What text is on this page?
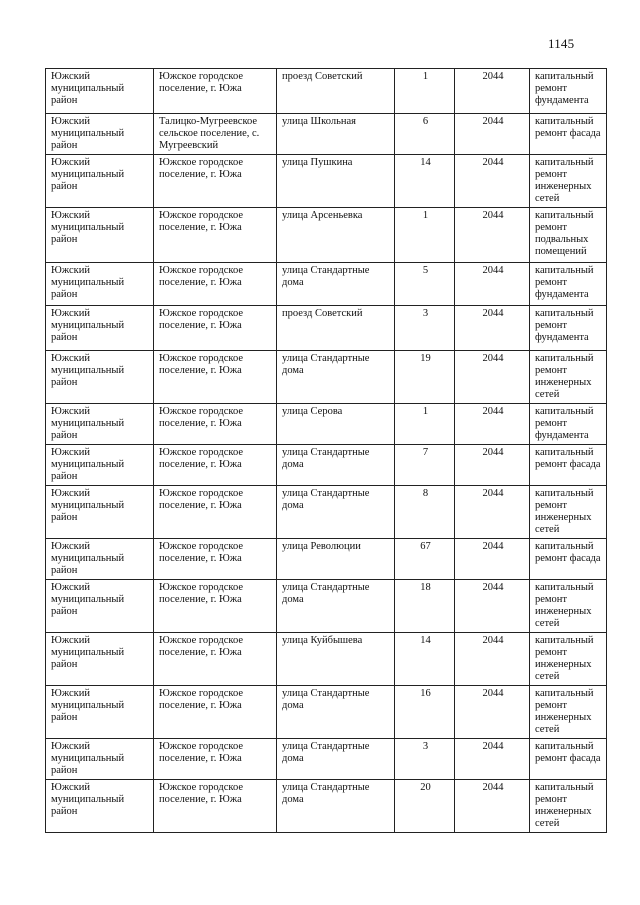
1145
Южский муниципальный район	Южское городское поселение, г. Южа	проезд Советский	1	2044	капитальный ремонт фундамента
Южский муниципальный район	Талицко-Мугреевское сельское поселение, с. Мугреевский	улица Школьная	6	2044	капитальный ремонт фасада
Южский муниципальный район	Южское городское поселение, г. Южа	улица Пушкина	14	2044	капитальный ремонт инженерных сетей
Южский муниципальный район	Южское городское поселение, г. Южа	улица Арсеньевка	1	2044	капитальный ремонт подвальных помещений
Южский муниципальный район	Южское городское поселение, г. Южа	улица Стандартные дома	5	2044	капитальный ремонт фундамента
Южский муниципальный район	Южское городское поселение, г. Южа	проезд Советский	3	2044	капитальный ремонт фундамента
Южский муниципальный район	Южское городское поселение, г. Южа	улица Стандартные дома	19	2044	капитальный ремонт инженерных сетей
Южский муниципальный район	Южское городское поселение, г. Южа	улица Серова	1	2044	капитальный ремонт фундамента
Южский муниципальный район	Южское городское поселение, г. Южа	улица Стандартные дома	7	2044	капитальный ремонт фасада
Южский муниципальный район	Южское городское поселение, г. Южа	улица Стандартные дома	8	2044	капитальный ремонт инженерных сетей
Южский муниципальный район	Южское городское поселение, г. Южа	улица Революции	67	2044	капитальный ремонт фасада
Южский муниципальный район	Южское городское поселение, г. Южа	улица Стандартные дома	18	2044	капитальный ремонт инженерных сетей
Южский муниципальный район	Южское городское поселение, г. Южа	улица Куйбышева	14	2044	капитальный ремонт инженерных сетей
Южский муниципальный район	Южское городское поселение, г. Южа	улица Стандартные дома	16	2044	капитальный ремонт инженерных сетей
Южский муниципальный район	Южское городское поселение, г. Южа	улица Стандартные дома	3	2044	капитальный ремонт фасада
Южский муниципальный район	Южское городское поселение, г. Южа	улица Стандартные дома	20	2044	капитальный ремонт инженерных сетей
